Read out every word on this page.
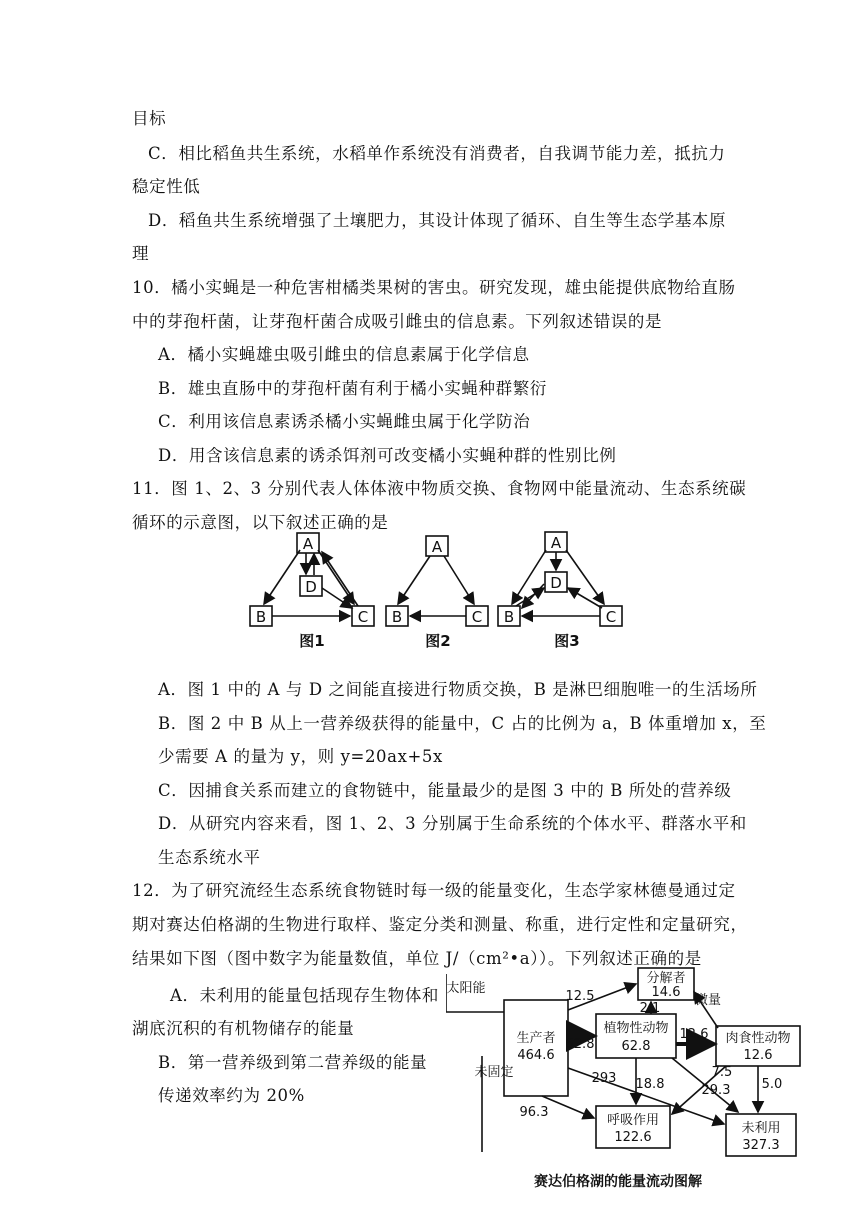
目标
C．相比稻鱼共生系统，水稻单作系统没有消费者，自我调节能力差，抵抗力
稳定性低
D．稻鱼共生系统增强了土壤肥力，其设计体现了循环、自生等生态学基本原
理
10．橘小实蝇是一种危害柑橘类果树的害虫。研究发现，雄虫能提供底物给直肠
中的芽孢杆菌，让芽孢杆菌合成吸引雌虫的信息素。下列叙述错误的是
A．橘小实蝇雄虫吸引雌虫的信息素属于化学信息
B．雄虫直肠中的芽孢杆菌有利于橘小实蝇种群繁衍
C．利用该信息素诱杀橘小实蝇雌虫属于化学防治
D．用含该信息素的诱杀饵剂可改变橘小实蝇种群的性别比例
11．图 1、2、3 分别代表人体体液中物质交换、食物网中能量流动、生态系统碳
循环的示意图，以下叙述正确的是
A．图 1 中的 A 与 D 之间能直接进行物质交换，B 是淋巴细胞唯一的生活场所
B．图 2 中 B 从上一营养级获得的能量中，C 占的比例为 a，B 体重增加 x，至
少需要 A 的量为 y，则 y=20ax+5x
C．因捕食关系而建立的食物链中，能量最少的是图 3 中的 B 所处的营养级
D．从研究内容来看，图 1、2、3 分别属于生命系统的个体水平、群落水平和
生态系统水平
12．为了研究流经生态系统食物链时每一级的能量变化，生态学家林德曼通过定
期对赛达伯格湖的生物进行取样、鉴定分类和测量、称重，进行定性和定量研究，
结果如下图（图中数字为能量数值，单位 J/（cm²•a））。下列叙述正确的是
A．未利用的能量包括现存生物体和
湖底沉积的有机物储存的能量
B．第一营养级到第二营养级的能量
传递效率约为 20%
A
D
B	C
A
B	C
A
D
B	C
图1	图2	图3
太阳能
未固定
生产者
464.6
植物性动物
62.8
肉食性动物
12.6
分解者
14.6
呼吸作用
122.6
未利用
327.3
微量
12.5
2.1
62.8
12.6
293 18.8
96.3
7.5
29.3 5.0
赛达伯格湖的能量流动图解
